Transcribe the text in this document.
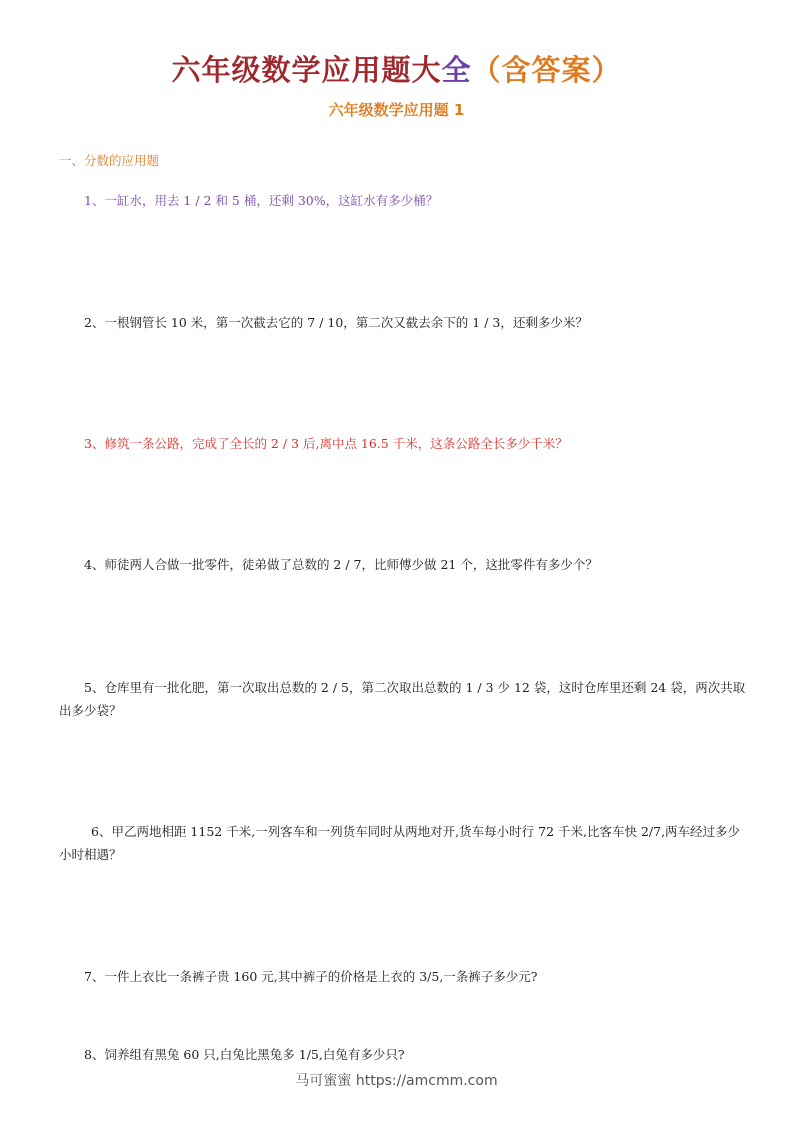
六年级数学应用题大全（含答案）
六年级数学应用题 1
一、分数的应用题
1、一缸水，用去 1 / 2 和 5 桶，还剩 30%，这缸水有多少桶？
2、一根钢管长 10 米，第一次截去它的 7 / 10，第二次又截去余下的 1 / 3，还剩多少米？
3、修筑一条公路，完成了全长的 2 / 3 后,离中点 16.5 千米，这条公路全长多少千米？
4、师徒两人合做一批零件，徒弟做了总数的 2 / 7，比师傅少做 21 个，这批零件有多少个？
5、仓库里有一批化肥，第一次取出总数的 2 / 5，第二次取出总数的 1 / 3 少 12 袋，这时仓库里还剩 24 袋，两次共取出多少袋？
6、甲乙两地相距 1152 千米,一列客车和一列货车同时从两地对开,货车每小时行 72 千米,比客车快 2/7,两车经过多少小时相遇？
7、一件上衣比一条裤子贵 160 元,其中裤子的价格是上衣的 3/5,一条裤子多少元?
8、饲养组有黑兔 60 只,白兔比黑兔多 1/5,白兔有多少只?
马可蜜蜜 https://amcmm.com
